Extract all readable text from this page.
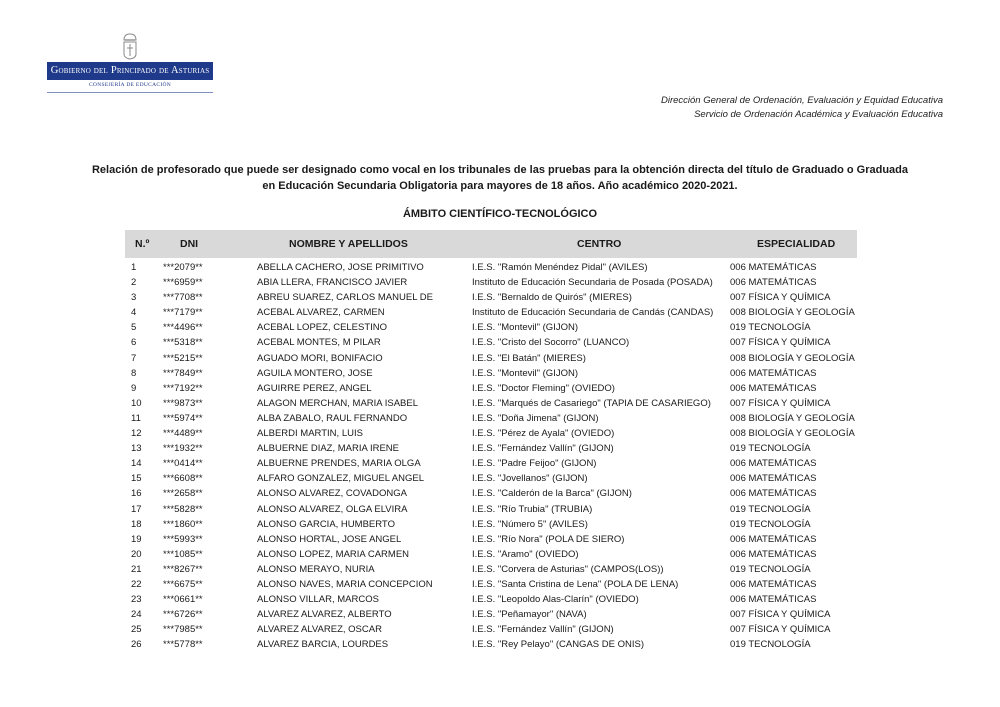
Gobierno del Principado de Asturias
CONSEJERÍA DE EDUCACIÓN
Dirección General de Ordenación, Evaluación y Equidad Educativa
Servicio de Ordenación Académica y Evaluación Educativa
Relación de profesorado que puede ser designado como vocal en los tribunales de las pruebas para la obtención directa del título de Graduado o Graduada
en Educación Secundaria Obligatoria para mayores de 18 años. Año académico 2020-2021.
ÁMBITO CIENTÍFICO-TECNOLÓGICO
N.º	DNI	NOMBRE Y APELLIDOS	CENTRO	ESPECIALIDAD
1	***2079**	ABELLA CACHERO, JOSE PRIMITIVO	I.E.S. "Ramón Menéndez Pidal" (AVILES)	006 MATEMÁTICAS
2	***6959**	ABIA LLERA, FRANCISCO JAVIER	Instituto de Educación Secundaria de Posada (POSADA) 006 MATEMÁTICAS
3	***7708**	ABREU SUAREZ, CARLOS MANUEL DE	I.E.S. "Bernaldo de Quirós" (MIERES)	007 FÍSICA Y QUÍMICA
4	***7179**	ACEBAL ALVAREZ, CARMEN	Instituto de Educación Secundaria de Candás (CANDAS) 008 BIOLOGÍA Y GEOLOGÍA
5	***4496**	ACEBAL LOPEZ, CELESTINO	I.E.S. "Montevil" (GIJON)	019 TECNOLOGÍA
6	***5318**	ACEBAL MONTES, M PILAR	I.E.S. "Cristo del Socorro" (LUANCO)	007 FÍSICA Y QUÍMICA
7	***5215**	AGUADO MORI, BONIFACIO	I.E.S. "El Batán" (MIERES)	008 BIOLOGÍA Y GEOLOGÍA
8	***7849**	AGUILA MONTERO, JOSE	I.E.S. "Montevil" (GIJON)	006 MATEMÁTICAS
9	***7192**	AGUIRRE PEREZ, ANGEL	I.E.S. "Doctor Fleming" (OVIEDO)	006 MATEMÁTICAS
10 ***9873**	ALAGON MERCHAN, MARIA ISABEL	I.E.S. "Marqués de Casariego" (TAPIA DE CASARIEGO) 007 FÍSICA Y QUÍMICA
11 ***5974**	ALBA ZABALO, RAUL FERNANDO	I.E.S. "Doña Jimena" (GIJON)	008 BIOLOGÍA Y GEOLOGÍA
12 ***4489**	ALBERDI MARTIN, LUIS	I.E.S. "Pérez de Ayala" (OVIEDO)	008 BIOLOGÍA Y GEOLOGÍA
13 ***1932**	ALBUERNE DIAZ, MARIA IRENE	I.E.S. "Fernández Vallín" (GIJON)	019 TECNOLOGÍA
14 ***0414**	ALBUERNE PRENDES, MARIA OLGA	I.E.S. "Padre Feijoo" (GIJON)	006 MATEMÁTICAS
15 ***6608**	ALFARO GONZALEZ, MIGUEL ANGEL	I.E.S. "Jovellanos" (GIJON)	006 MATEMÁTICAS
16 ***2658**	ALONSO ALVAREZ, COVADONGA	I.E.S. "Calderón de la Barca" (GIJON)	006 MATEMÁTICAS
17 ***5828**	ALONSO ALVAREZ, OLGA ELVIRA	I.E.S. "Río Trubia" (TRUBIA)	019 TECNOLOGÍA
18 ***1860**	ALONSO GARCIA, HUMBERTO	I.E.S. "Número 5" (AVILES)	019 TECNOLOGÍA
19 ***5993**	ALONSO HORTAL, JOSE ANGEL	I.E.S. "Río Nora" (POLA DE SIERO)	006 MATEMÁTICAS
20 ***1085**	ALONSO LOPEZ, MARIA CARMEN	I.E.S. "Aramo" (OVIEDO)	006 MATEMÁTICAS
21 ***8267**	ALONSO MERAYO, NURIA	I.E.S. "Corvera de Asturias" (CAMPOS(LOS))	019 TECNOLOGÍA
22 ***6675**	ALONSO NAVES, MARIA CONCEPCION	I.E.S. "Santa Cristina de Lena" (POLA DE LENA)	006 MATEMÁTICAS
23 ***0661**	ALONSO VILLAR, MARCOS	I.E.S. "Leopoldo Alas-Clarín" (OVIEDO)	006 MATEMÁTICAS
24 ***6726**	ALVAREZ ALVAREZ, ALBERTO	I.E.S. "Peñamayor" (NAVA)	007 FÍSICA Y QUÍMICA
25 ***7985**	ALVAREZ ALVAREZ, OSCAR	I.E.S. "Fernández Vallín" (GIJON)	007 FÍSICA Y QUÍMICA
26 ***5778**	ALVAREZ BARCIA, LOURDES	I.E.S. "Rey Pelayo" (CANGAS DE ONIS)	019 TECNOLOGÍA
